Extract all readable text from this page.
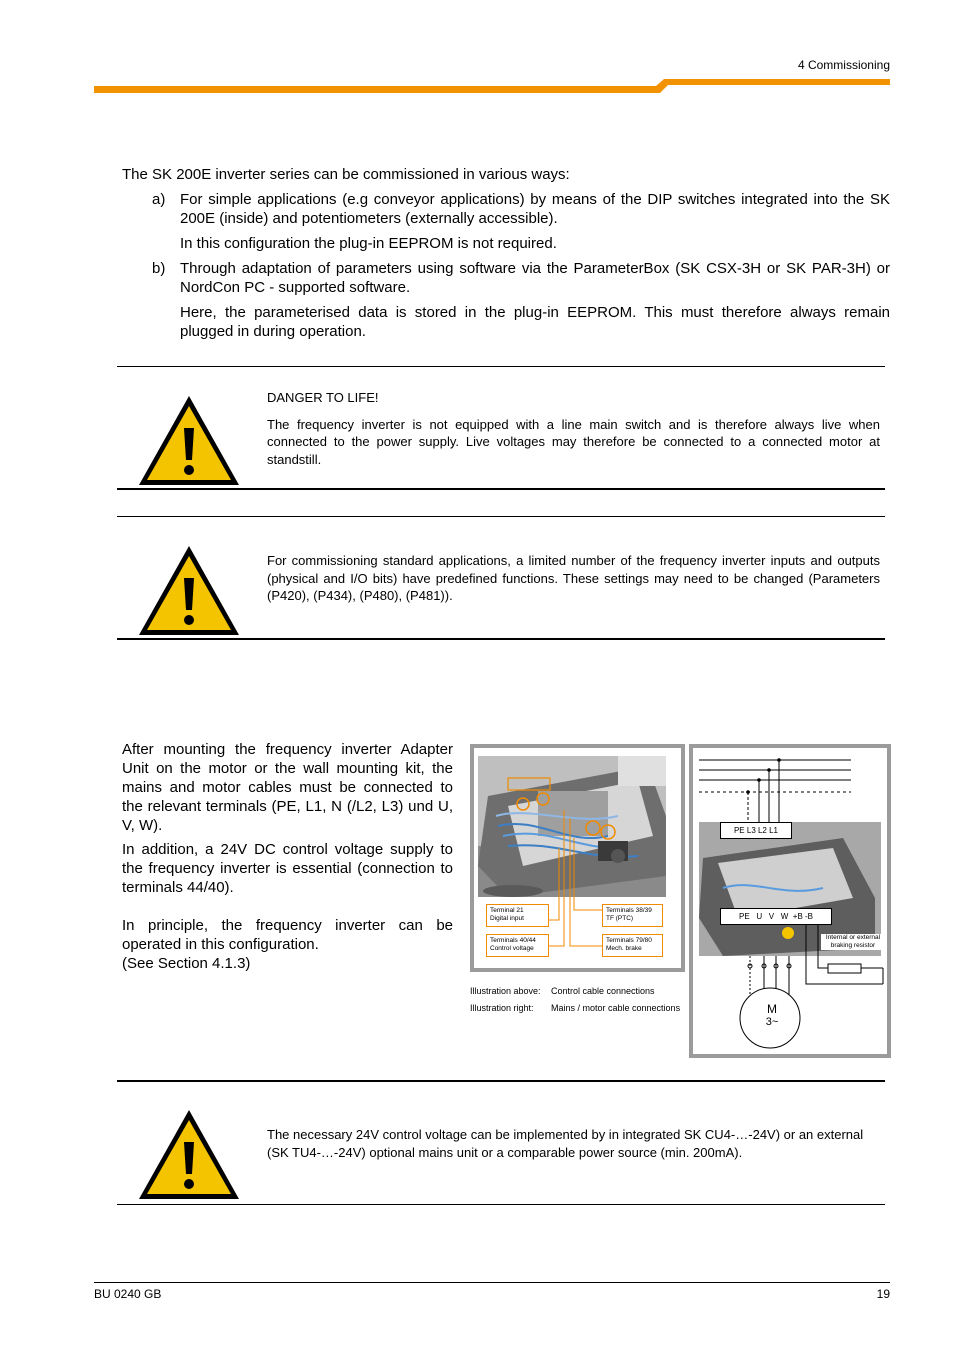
4 Commissioning

The SK 200E inverter series can be commissioned in various ways:

a) For simple applications (e.g conveyor applications) by means of the DIP switches integrated into the SK 200E (inside) and potentiometers (externally accessible).

In this configuration the plug-in EEPROM is not required.

b) Through adaptation of parameters using software via the ParameterBox (SK CSX-3H or SK PAR-3H) or NordCon PC - supported software.

Here, the parameterised data is stored in the plug-in EEPROM. This must therefore always remain plugged in during operation.

DANGER TO LIFE!

The frequency inverter is not equipped with a line main switch and is therefore always live when connected to the power supply. Live voltages may therefore be connected to a connected motor at standstill.

For commissioning standard applications, a limited number of the frequency inverter inputs and outputs (physical and I/O bits) have predefined functions. These settings may need to be changed (Parameters (P420), (P434), (P480), (P481)).

After mounting the frequency inverter Adapter Unit on the motor or the wall mounting kit, the mains and motor cables must be connected to the relevant terminals (PE, L1, N (/L2, L3) und U, V, W).

In addition, a 24V DC control voltage supply to the frequency inverter is essential (connection to terminals 44/40).

In principle, the frequency inverter can be operated in this configuration.

(See Section 4.1.3)

Terminal 21
Digital input
Terminals 38/39
TF (PTC)
Terminals 40/44
Control voltage
Terminals 79/80
Mech. brake
Illustration above: Control cable connections
Illustration right: Mains / motor cable connections
PE L3 L2 L1
PE   U   V   W  +B -B
Internal or external braking resistor
M
3~

The necessary 24V control voltage can be implemented by in integrated SK CU4-…-24V) or an external (SK TU4-…-24V) optional mains unit or a comparable power source (min. 200mA).

BU 0240 GB	19
